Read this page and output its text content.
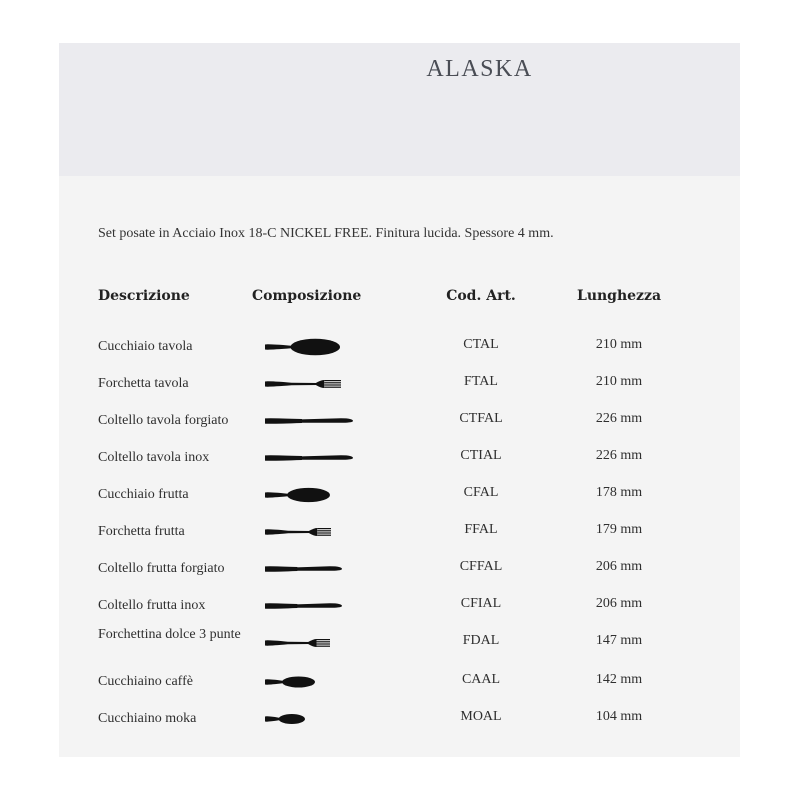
ALASKA
Set posate in Acciaio Inox 18-C NICKEL FREE. Finitura lucida. Spessore 4 mm.
Descrizione	Composizione	Cod. Art.	Lunghezza
Cucchiaio tavola	CTAL	210 mm
Forchetta tavola	FTAL	210 mm
Coltello tavola forgiato	CTFAL	226 mm
Coltello tavola inox	CTIAL	226 mm
Cucchiaio frutta	CFAL	178 mm
Forchetta frutta	FFAL	179 mm
Coltello frutta forgiato	CFFAL	206 mm
Coltello frutta inox	CFIAL	206 mm
Forchettina dolce 3 punte	FDAL	147 mm
Cucchiaino caffè	CAAL	142 mm
Cucchiaino moka	MOAL	104 mm
